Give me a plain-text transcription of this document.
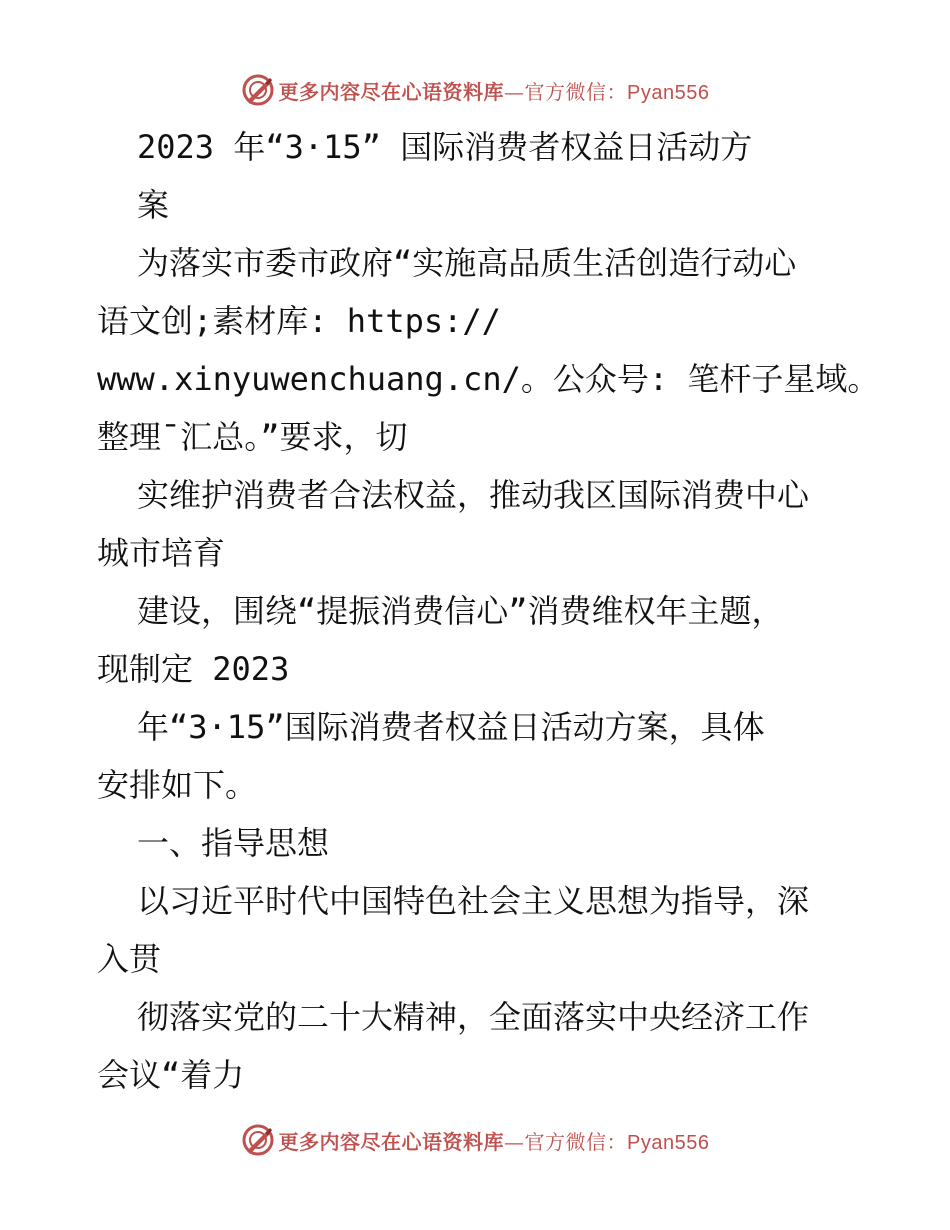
更多内容尽在心语资料库—官方微信：Pyan556
2023 年“3·15” 国际消费者权益日活动方
案
为落实市委市政府“实施高品质生活创造行动心
语文创;素材库: https://
www.xinyuwenchuang.cn/。公众号: 笔杆子星域。
整理¯汇总。”要求，切
实维护消费者合法权益，推动我区国际消费中心
城市培育
建设，围绕“提振消费信心”消费维权年主题，
现制定 2023
年“3·15”国际消费者权益日活动方案，具体
安排如下。
一、指导思想
以习近平时代中国特色社会主义思想为指导，深
入贯
彻落实党的二十大精神，全面落实中央经济工作
会议“着力
更多内容尽在心语资料库—官方微信：Pyan556
